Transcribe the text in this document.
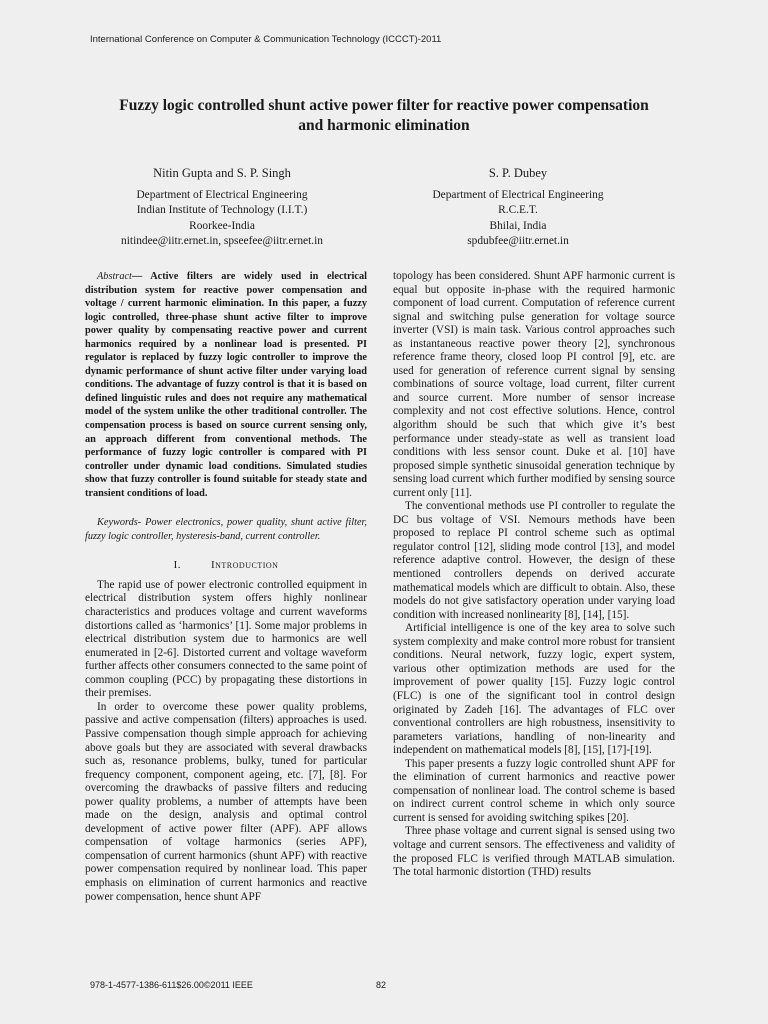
International Conference on Computer & Communication Technology (ICCCT)-2011
Fuzzy logic controlled shunt active power filter for reactive power compensation
and harmonic elimination
Nitin Gupta and S. P. Singh
Department of Electrical Engineering
Indian Institute of Technology (I.I.T.)
Roorkee-India
nitindee@iitr.ernet.in, spseefee@iitr.ernet.in
S. P. Dubey
Department of Electrical Engineering
R.C.E.T.
Bhilai, India
spdubfee@iitr.ernet.in

Abstract— Active filters are widely used in electrical distribution system for reactive power compensation and voltage / current harmonic elimination. In this paper, a fuzzy logic controlled, three-phase shunt active filter to improve power quality by compensating reactive power and current harmonics required by a nonlinear load is presented. PI regulator is replaced by fuzzy logic controller to improve the dynamic performance of shunt active filter under varying load conditions. The advantage of fuzzy control is that it is based on defined linguistic rules and does not require any mathematical model of the system unlike the other traditional controller. The compensation process is based on source current sensing only, an approach different from conventional methods. The performance of fuzzy logic controller is compared with PI controller under dynamic load conditions. Simulated studies show that fuzzy controller is found suitable for steady state and transient conditions of load.

Keywords- Power electronics, power quality, shunt active filter, fuzzy logic controller, hysteresis-band, current controller.

I.	Introduction

The rapid use of power electronic controlled equipment in electrical distribution system offers highly nonlinear characteristics and produces voltage and current waveforms distortions called as ‘harmonics’ [1]. Some major problems in electrical distribution system due to harmonics are well enumerated in [2-6]. Distorted current and voltage waveform further affects other consumers connected to the same point of common coupling (PCC) by propagating these distortions in their premises.

In order to overcome these power quality problems, passive and active compensation (filters) approaches is used. Passive compensation though simple approach for achieving above goals but they are associated with several drawbacks such as, resonance problems, bulky, tuned for particular frequency component, component ageing, etc. [7], [8]. For overcoming the drawbacks of passive filters and reducing power quality problems, a number of attempts have been made on the design, analysis and optimal control development of active power filter (APF). APF allows compensation of voltage harmonics (series APF), compensation of current harmonics (shunt APF) with reactive power compensation required by nonlinear load. This paper emphasis on elimination of current harmonics and reactive power compensation, hence shunt APF

topology has been considered. Shunt APF harmonic current is equal but opposite in-phase with the required harmonic component of load current. Computation of reference current signal and switching pulse generation for voltage source inverter (VSI) is main task. Various control approaches such as instantaneous reactive power theory [2], synchronous reference frame theory, closed loop PI control [9], etc. are used for generation of reference current signal by sensing combinations of source voltage, load current, filter current and source current. More number of sensor increase complexity and not cost effective solutions. Hence, control algorithm should be such that which give it’s best performance under steady-state as well as transient load conditions with less sensor count. Duke et al. [10] have proposed simple synthetic sinusoidal generation technique by sensing load current which further modified by sensing source current only [11].

The conventional methods use PI controller to regulate the DC bus voltage of VSI. Nemours methods have been proposed to replace PI control scheme such as optimal regulator control [12], sliding mode control [13], and model reference adaptive control. However, the design of these mentioned controllers depends on derived accurate mathematical models which are difficult to obtain. Also, these models do not give satisfactory operation under varying load condition with increased nonlinearity [8], [14], [15].

Artificial intelligence is one of the key area to solve such system complexity and make control more robust for transient conditions. Neural network, fuzzy logic, expert system, various other optimization methods are used for the improvement of power quality [15]. Fuzzy logic control (FLC) is one of the significant tool in control design originated by Zadeh [16]. The advantages of FLC over conventional controllers are high robustness, insensitivity to parameters variations, handling of non-linearity and independent on mathematical models [8], [15], [17]-[19].

This paper presents a fuzzy logic controlled shunt APF for the elimination of current harmonics and reactive power compensation of nonlinear load. The control scheme is based on indirect current control scheme in which only source current is sensed for avoiding switching spikes [20].

Three phase voltage and current signal is sensed using two voltage and current sensors. The effectiveness and validity of the proposed FLC is verified through MATLAB simulation. The total harmonic distortion (THD) results

978-1-4577-1386-611$26.00©2011 IEEE	82
